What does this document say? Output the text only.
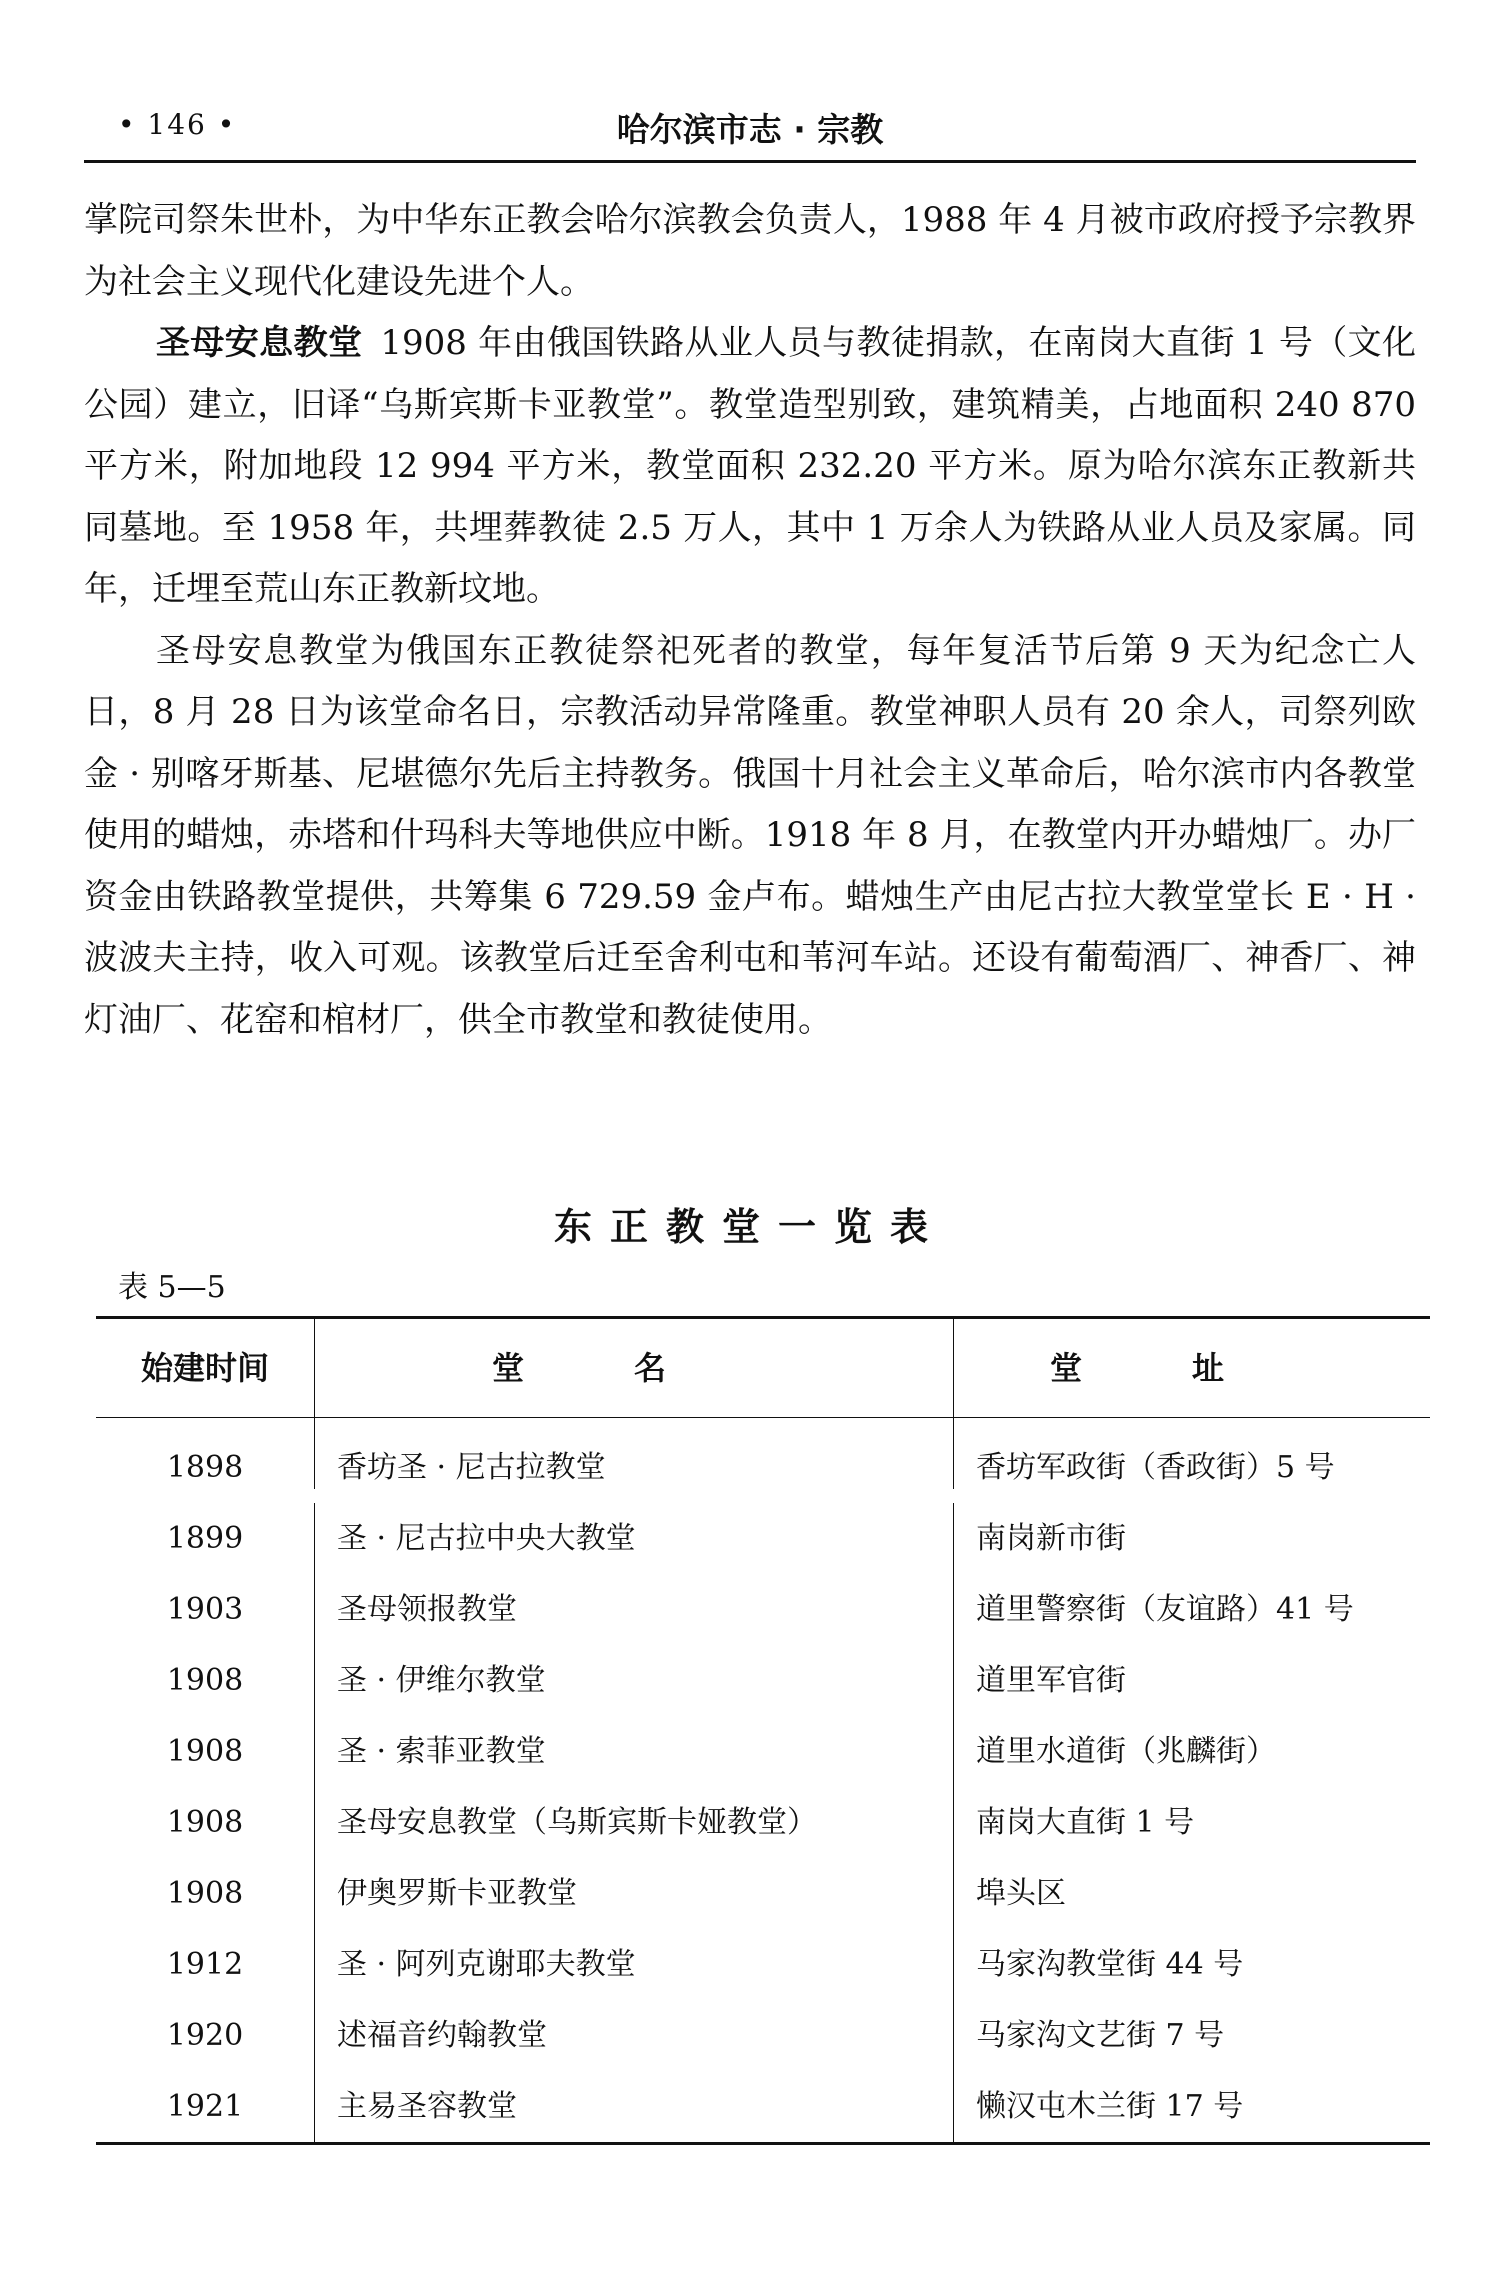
• 146 •	哈尔滨市志 · 宗教

掌院司祭朱世朴，为中华东正教会哈尔滨教会负责人，1988 年 4 月被市政府授予宗教界为社会主义现代化建设先进个人。

圣母安息教堂 1908 年由俄国铁路从业人员与教徒捐款，在南岗大直街 1 号（文化公园）建立，旧译“乌斯宾斯卡亚教堂”。教堂造型别致，建筑精美，占地面积 240 870 平方米，附加地段 12 994 平方米，教堂面积 232.20 平方米。原为哈尔滨东正教新共同墓地。至 1958 年，共埋葬教徒 2.5 万人，其中 1 万余人为铁路从业人员及家属。同年，迁埋至荒山东正教新坟地。

圣母安息教堂为俄国东正教徒祭祀死者的教堂，每年复活节后第 9 天为纪念亡人日，8 月 28 日为该堂命名日，宗教活动异常隆重。教堂神职人员有 20 余人，司祭列欧金 · 别喀牙斯基、尼堪德尔先后主持教务。俄国十月社会主义革命后，哈尔滨市内各教堂使用的蜡烛，赤塔和什玛科夫等地供应中断。1918 年 8 月，在教堂内开办蜡烛厂。办厂资金由铁路教堂提供，共筹集 6 729.59 金卢布。蜡烛生产由尼古拉大教堂堂长 E · H · 波波夫主持，收入可观。该教堂后迁至舍利屯和苇河车站。还设有葡萄酒厂、神香厂、神灯油厂、花窑和棺材厂，供全市教堂和教徒使用。

东正教堂一览表
表 5—5
始建时间	堂名	堂址
1898	香坊圣 · 尼古拉教堂	香坊军政街（香政街）5 号
1899	圣 · 尼古拉中央大教堂	南岗新市街
1903	圣母领报教堂	道里警察街（友谊路）41 号
1908	圣 · 伊维尔教堂	道里军官街
1908	圣 · 索菲亚教堂	道里水道街（兆麟街）
1908	圣母安息教堂（乌斯宾斯卡娅教堂）	南岗大直街 1 号
1908	伊奥罗斯卡亚教堂	埠头区
1912	圣 · 阿列克谢耶夫教堂	马家沟教堂街 44 号
1920	述福音约翰教堂	马家沟文艺街 7 号
1921	主易圣容教堂	懒汉屯木兰街 17 号
